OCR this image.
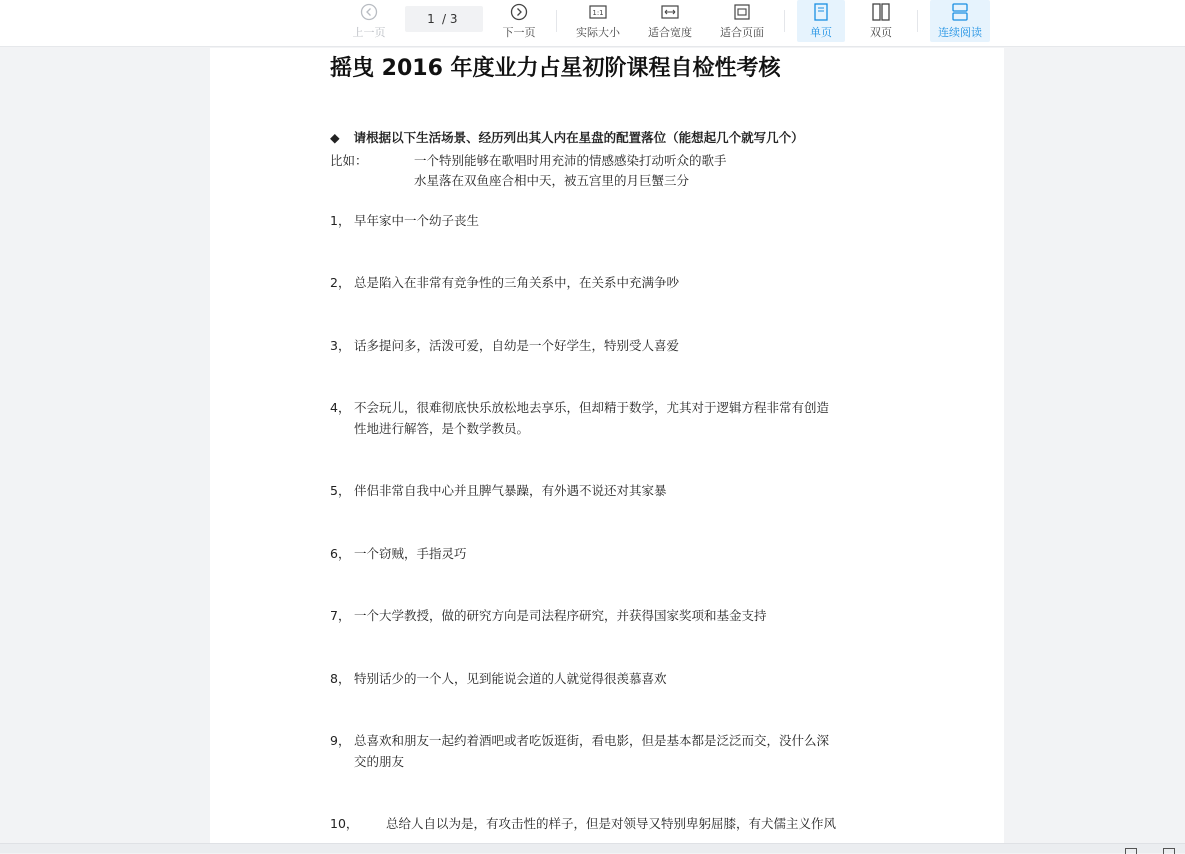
上一页
1
/ 3
下一页
1:1
实际大小	适合宽度	适合页面	单页	双页	连续阅读
摇曳 2016 年度业力占星初阶课程自检性考核
◆ 请根据以下生活场景、经历列出其人内在星盘的配置落位（能想起几个就写几个）
比如：	一个特别能够在歌唱时用充沛的情感感染打动听众的歌手
水星落在双鱼座合相中天，被五宫里的月巨蟹三分
1， 早年家中一个幼子丧生
2， 总是陷入在非常有竞争性的三角关系中，在关系中充满争吵
3， 话多提问多，活泼可爱，自幼是一个好学生，特别受人喜爱
4， 不会玩儿，很难彻底快乐放松地去享乐，但却精于数学，尤其对于逻辑方程非常有创造
性地进行解答，是个数学教员。
5， 伴侣非常自我中心并且脾气暴躁，有外遇不说还对其家暴
6， 一个窃贼，手指灵巧
7， 一个大学教授，做的研究方向是司法程序研究，并获得国家奖项和基金支持
8， 特别话少的一个人，见到能说会道的人就觉得很羡慕喜欢
9， 总喜欢和朋友一起约着酒吧或者吃饭逛街，看电影，但是基本都是泛泛而交，没什么深
交的朋友
10， 总给人自以为是，有攻击性的样子，但是对领导又特别卑躬屈膝，有犬儒主义作风
